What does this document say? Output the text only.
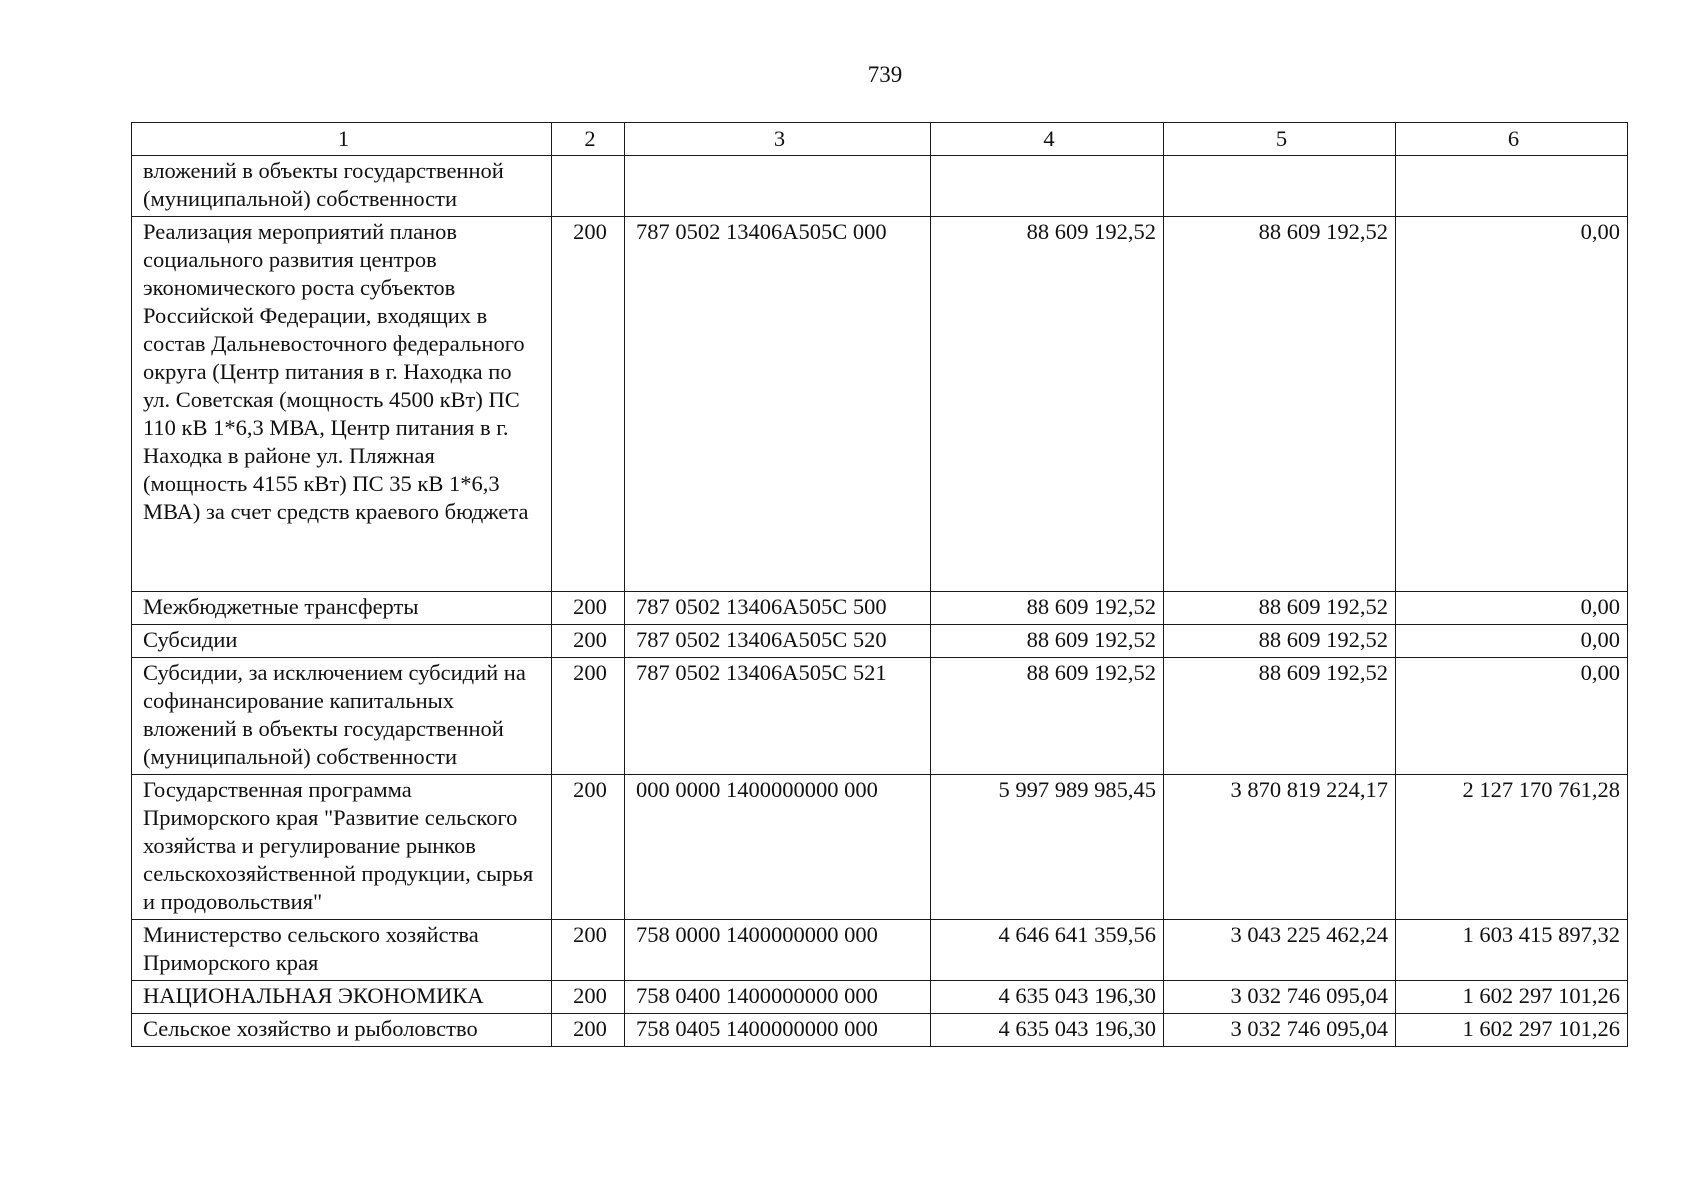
739
1	2	3	4	5	6
вложений в объекты государственной (муниципальной) собственности					
Реализация мероприятий планов социального развития центров экономического роста субъектов Российской Федерации, входящих в состав Дальневосточного федерального округа (Центр питания в г. Находка по ул. Советская (мощность 4500 кВт) ПС 110 кВ 1*6,3 МВА, Центр питания в г. Находка в районе ул. Пляжная (мощность 4155 кВт) ПС 35 кВ 1*6,3 МВА) за счет средств краевого бюджета	200	787 0502 13406А505С 000	88 609 192,52	88 609 192,52	0,00
Межбюджетные трансферты	200	787 0502 13406А505С 500	88 609 192,52	88 609 192,52	0,00
Субсидии	200	787 0502 13406А505С 520	88 609 192,52	88 609 192,52	0,00
Субсидии, за исключением субсидий на софинансирование капитальных вложений в объекты государственной (муниципальной) собственности	200	787 0502 13406А505С 521	88 609 192,52	88 609 192,52	0,00
Государственная программа Приморского края "Развитие сельского хозяйства и регулирование рынков сельскохозяйственной продукции, сырья и продовольствия"	200	000 0000 1400000000 000	5 997 989 985,45	3 870 819 224,17	2 127 170 761,28
Министерство сельского хозяйства Приморского края	200	758 0000 1400000000 000	4 646 641 359,56	3 043 225 462,24	1 603 415 897,32
НАЦИОНАЛЬНАЯ ЭКОНОМИКА	200	758 0400 1400000000 000	4 635 043 196,30	3 032 746 095,04	1 602 297 101,26
Сельское хозяйство и рыболовство	200	758 0405 1400000000 000	4 635 043 196,30	3 032 746 095,04	1 602 297 101,26
